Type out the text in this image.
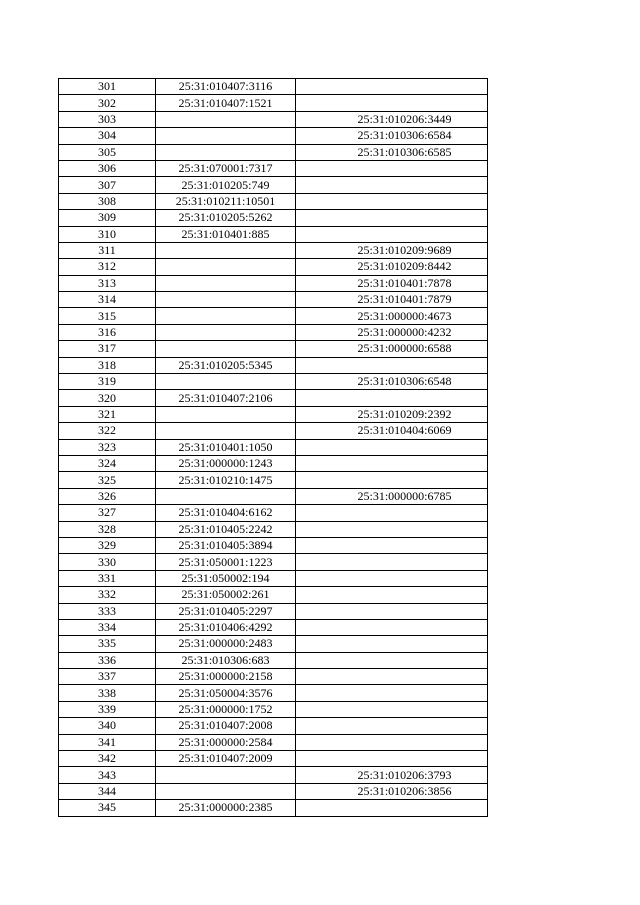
301	25:31:010407:3116	
302	25:31:010407:1521	
303		25:31:010206:3449
304		25:31:010306:6584
305		25:31:010306:6585
306	25:31:070001:7317	
307	25:31:010205:749	
308	25:31:010211:10501	
309	25:31:010205:5262	
310	25:31:010401:885	
311		25:31:010209:9689
312		25:31:010209:8442
313		25:31:010401:7878
314		25:31:010401:7879
315		25:31:000000:4673
316		25:31:000000:4232
317		25:31:000000:6588
318	25:31:010205:5345	
319		25:31:010306:6548
320	25:31:010407:2106	
321		25:31:010209:2392
322		25:31:010404:6069
323	25:31:010401:1050	
324	25:31:000000:1243	
325	25:31:010210:1475	
326		25:31:000000:6785
327	25:31:010404:6162	
328	25:31:010405:2242	
329	25:31:010405:3894	
330	25:31:050001:1223	
331	25:31:050002:194	
332	25:31:050002:261	
333	25:31:010405:2297	
334	25:31:010406:4292	
335	25:31:000000:2483	
336	25:31:010306:683	
337	25:31:000000:2158	
338	25:31:050004:3576	
339	25:31:000000:1752	
340	25:31:010407:2008	
341	25:31:000000:2584	
342	25:31:010407:2009	
343		25:31:010206:3793
344		25:31:010206:3856
345	25:31:000000:2385	
